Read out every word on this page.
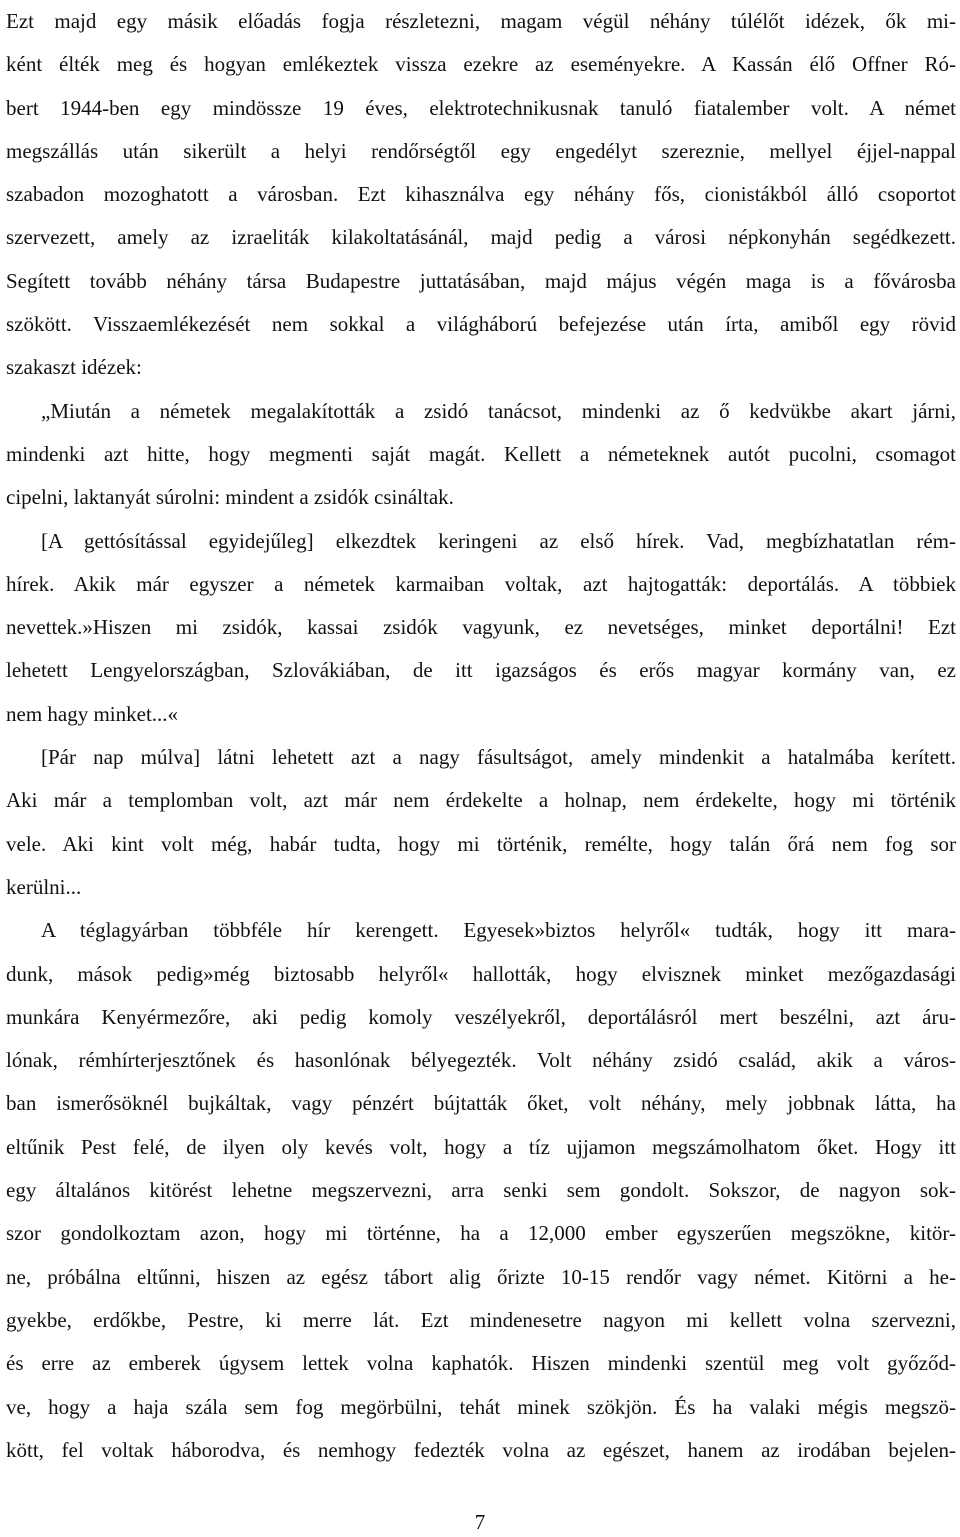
Ezt majd egy másik előadás fogja részletezni, magam végül néhány túlélőt idézek, ők mi-
ként élték meg és hogyan emlékeztek vissza ezekre az eseményekre. A Kassán élő Offner Ró-
bert 1944-ben egy mindössze 19 éves, elektrotechnikusnak tanuló fiatalember volt. A német
megszállás után sikerült a helyi rendőrségtől egy engedélyt szereznie, mellyel éjjel-nappal
szabadon mozoghatott a városban. Ezt kihasználva egy néhány fős, cionistákból álló csoportot
szervezett, amely az izraeliták kilakoltatásánál, majd pedig a városi népkonyhán segédkezett.
Segített tovább néhány társa Budapestre juttatásában, majd május végén maga is a fővárosba
szökött. Visszaemlékezését nem sokkal a világháború befejezése után írta, amiből egy rövid
szakaszt idézek:
„Miután a németek megalakították a zsidó tanácsot, mindenki az ő kedvükbe akart járni,
mindenki azt hitte, hogy megmenti saját magát. Kellett a németeknek autót pucolni, csomagot
cipelni, laktanyát súrolni: mindent a zsidók csináltak.
[A gettósítással egyidejűleg] elkezdtek keringeni az első hírek. Vad, megbízhatatlan rém-
hírek. Akik már egyszer a németek karmaiban voltak, azt hajtogatták: deportálás. A többiek
nevettek.»Hiszen mi zsidók, kassai zsidók vagyunk, ez nevetséges, minket deportálni! Ezt
lehetett Lengyelországban, Szlovákiában, de itt igazságos és erős magyar kormány van, ez
nem hagy minket...«
[Pár nap múlva] látni lehetett azt a nagy fásultságot, amely mindenkit a hatalmába kerített.
Aki már a templomban volt, azt már nem érdekelte a holnap, nem érdekelte, hogy mi történik
vele. Aki kint volt még, habár tudta, hogy mi történik, remélte, hogy talán őrá nem fog sor
kerülni...
A téglagyárban többféle hír kerengett. Egyesek»biztos helyről« tudták, hogy itt mara-
dunk, mások pedig»még biztosabb helyről« hallották, hogy elvisznek minket mezőgazdasági
munkára Kenyérmezőre, aki pedig komoly veszélyekről, deportálásról mert beszélni, azt áru-
lónak, rémhírterjesztőnek és hasonlónak bélyegezték. Volt néhány zsidó család, akik a város-
ban ismerősöknél bujkáltak, vagy pénzért bújtatták őket, volt néhány, mely jobbnak látta, ha
eltűnik Pest felé, de ilyen oly kevés volt, hogy a tíz ujjamon megszámolhatom őket. Hogy itt
egy általános kitörést lehetne megszervezni, arra senki sem gondolt. Sokszor, de nagyon sok-
szor gondolkoztam azon, hogy mi történne, ha a 12,000 ember egyszerűen megszökne, kitör-
ne, próbálna eltűnni, hiszen az egész tábort alig őrizte 10-15 rendőr vagy német. Kitörni a he-
gyekbe, erdőkbe, Pestre, ki merre lát. Ezt mindenesetre nagyon mi kellett volna szervezni,
és erre az emberek úgysem lettek volna kaphatók. Hiszen mindenki szentül meg volt győződ-
ve, hogy a haja szála sem fog megörbülni, tehát minek szökjön. És ha valaki mégis megszö-
kött, fel voltak háborodva, és nemhogy fedezték volna az egészet, hanem az irodában bejelen-
7
